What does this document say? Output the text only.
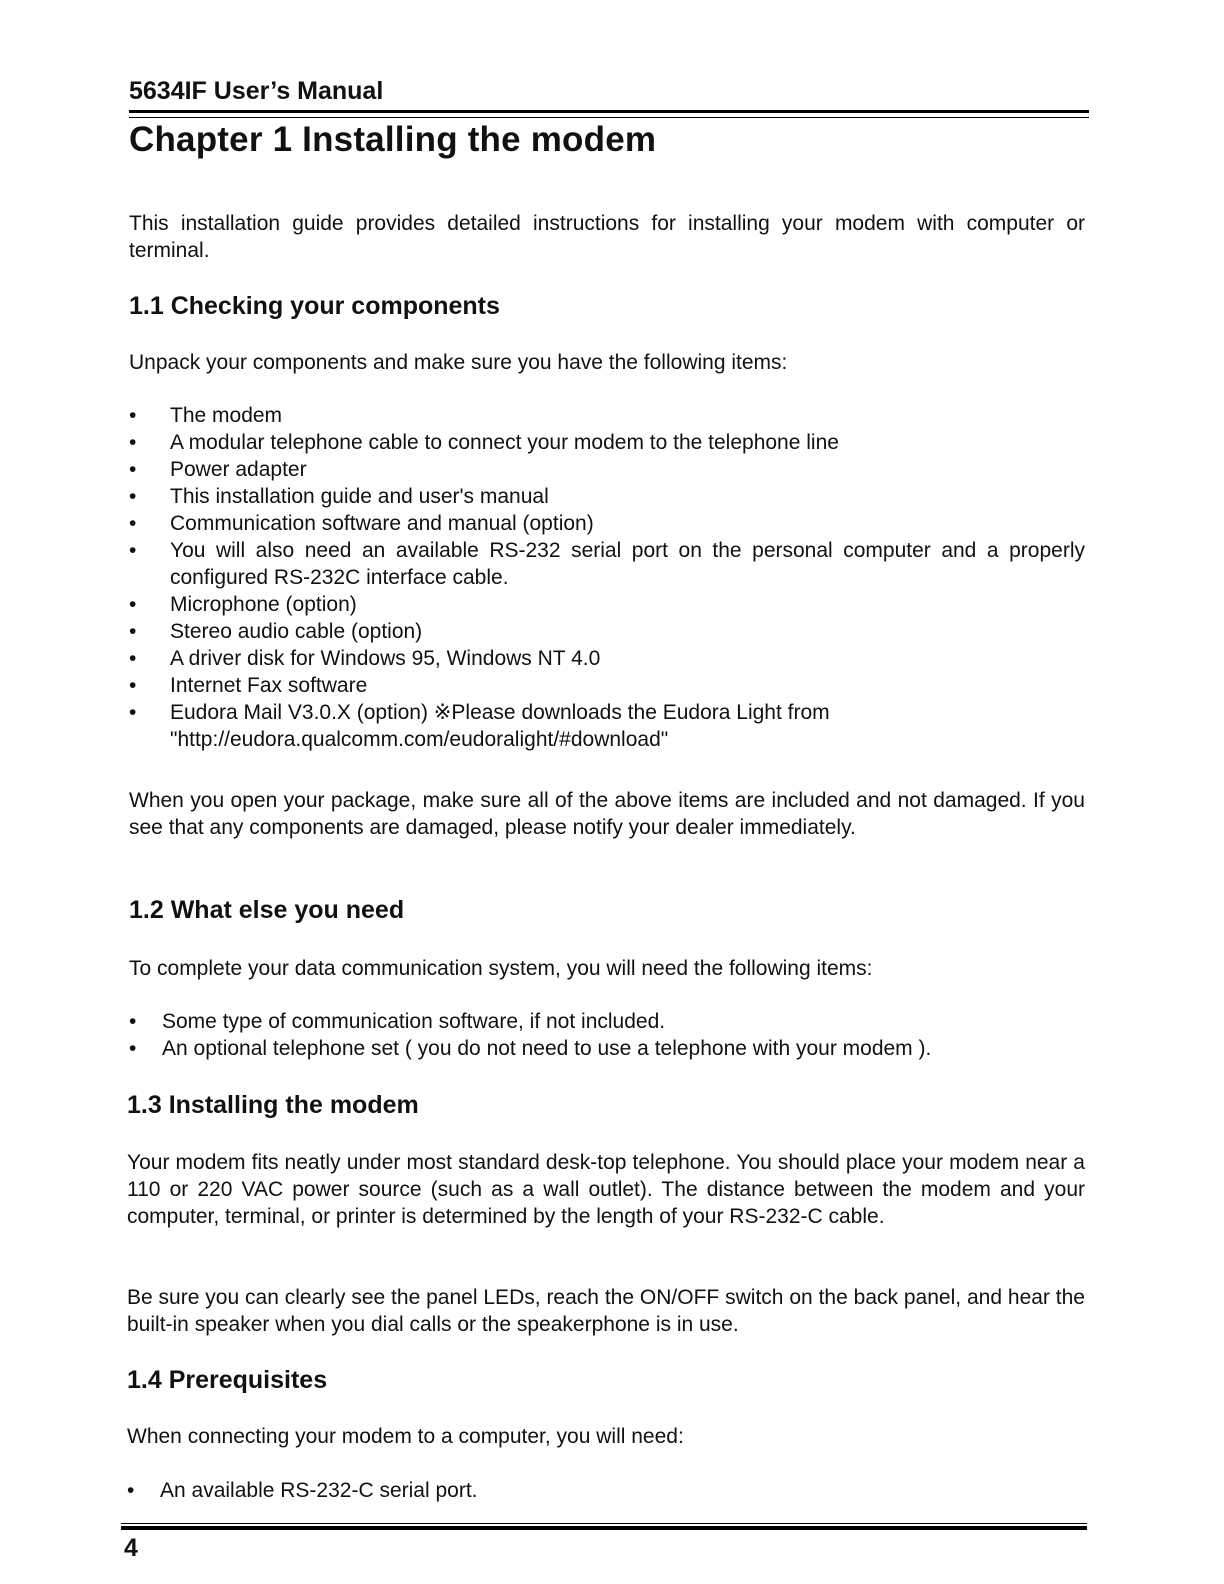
5634IF User’s Manual
Chapter 1 Installing the modem
This installation guide provides detailed instructions for installing your modem with computer or terminal.
1.1 Checking your components
Unpack your components and make sure you have the following items:
• The modem
• A modular telephone cable to connect your modem to the telephone line
• Power adapter
• This installation guide and user's manual
• Communication software and manual (option)
• You will also need an available RS-232 serial port on the personal computer and a properly configured RS-232C interface cable.
• Microphone (option)
• Stereo audio cable (option)
• A driver disk for Windows 95, Windows NT 4.0
• Internet Fax software
• Eudora Mail V3.0.X (option) ※Please downloads the Eudora Light from "http://eudora.qualcomm.com/eudoralight/#download"
When you open your package, make sure all of the above items are included and not damaged. If you see that any components are damaged, please notify your dealer immediately.
1.2 What else you need
To complete your data communication system, you will need the following items:
• Some type of communication software, if not included.
• An optional telephone set ( you do not need to use a telephone with your modem ).
1.3 Installing the modem
Your modem fits neatly under most standard desk-top telephone. You should place your modem near a 110 or 220 VAC power source (such as a wall outlet). The distance between the modem and your computer, terminal, or printer is determined by the length of your RS-232-C cable.
Be sure you can clearly see the panel LEDs, reach the ON/OFF switch on the back panel, and hear the built-in speaker when you dial calls or the speakerphone is in use.
1.4 Prerequisites
When connecting your modem to a computer, you will need:
• An available RS-232-C serial port.
4
